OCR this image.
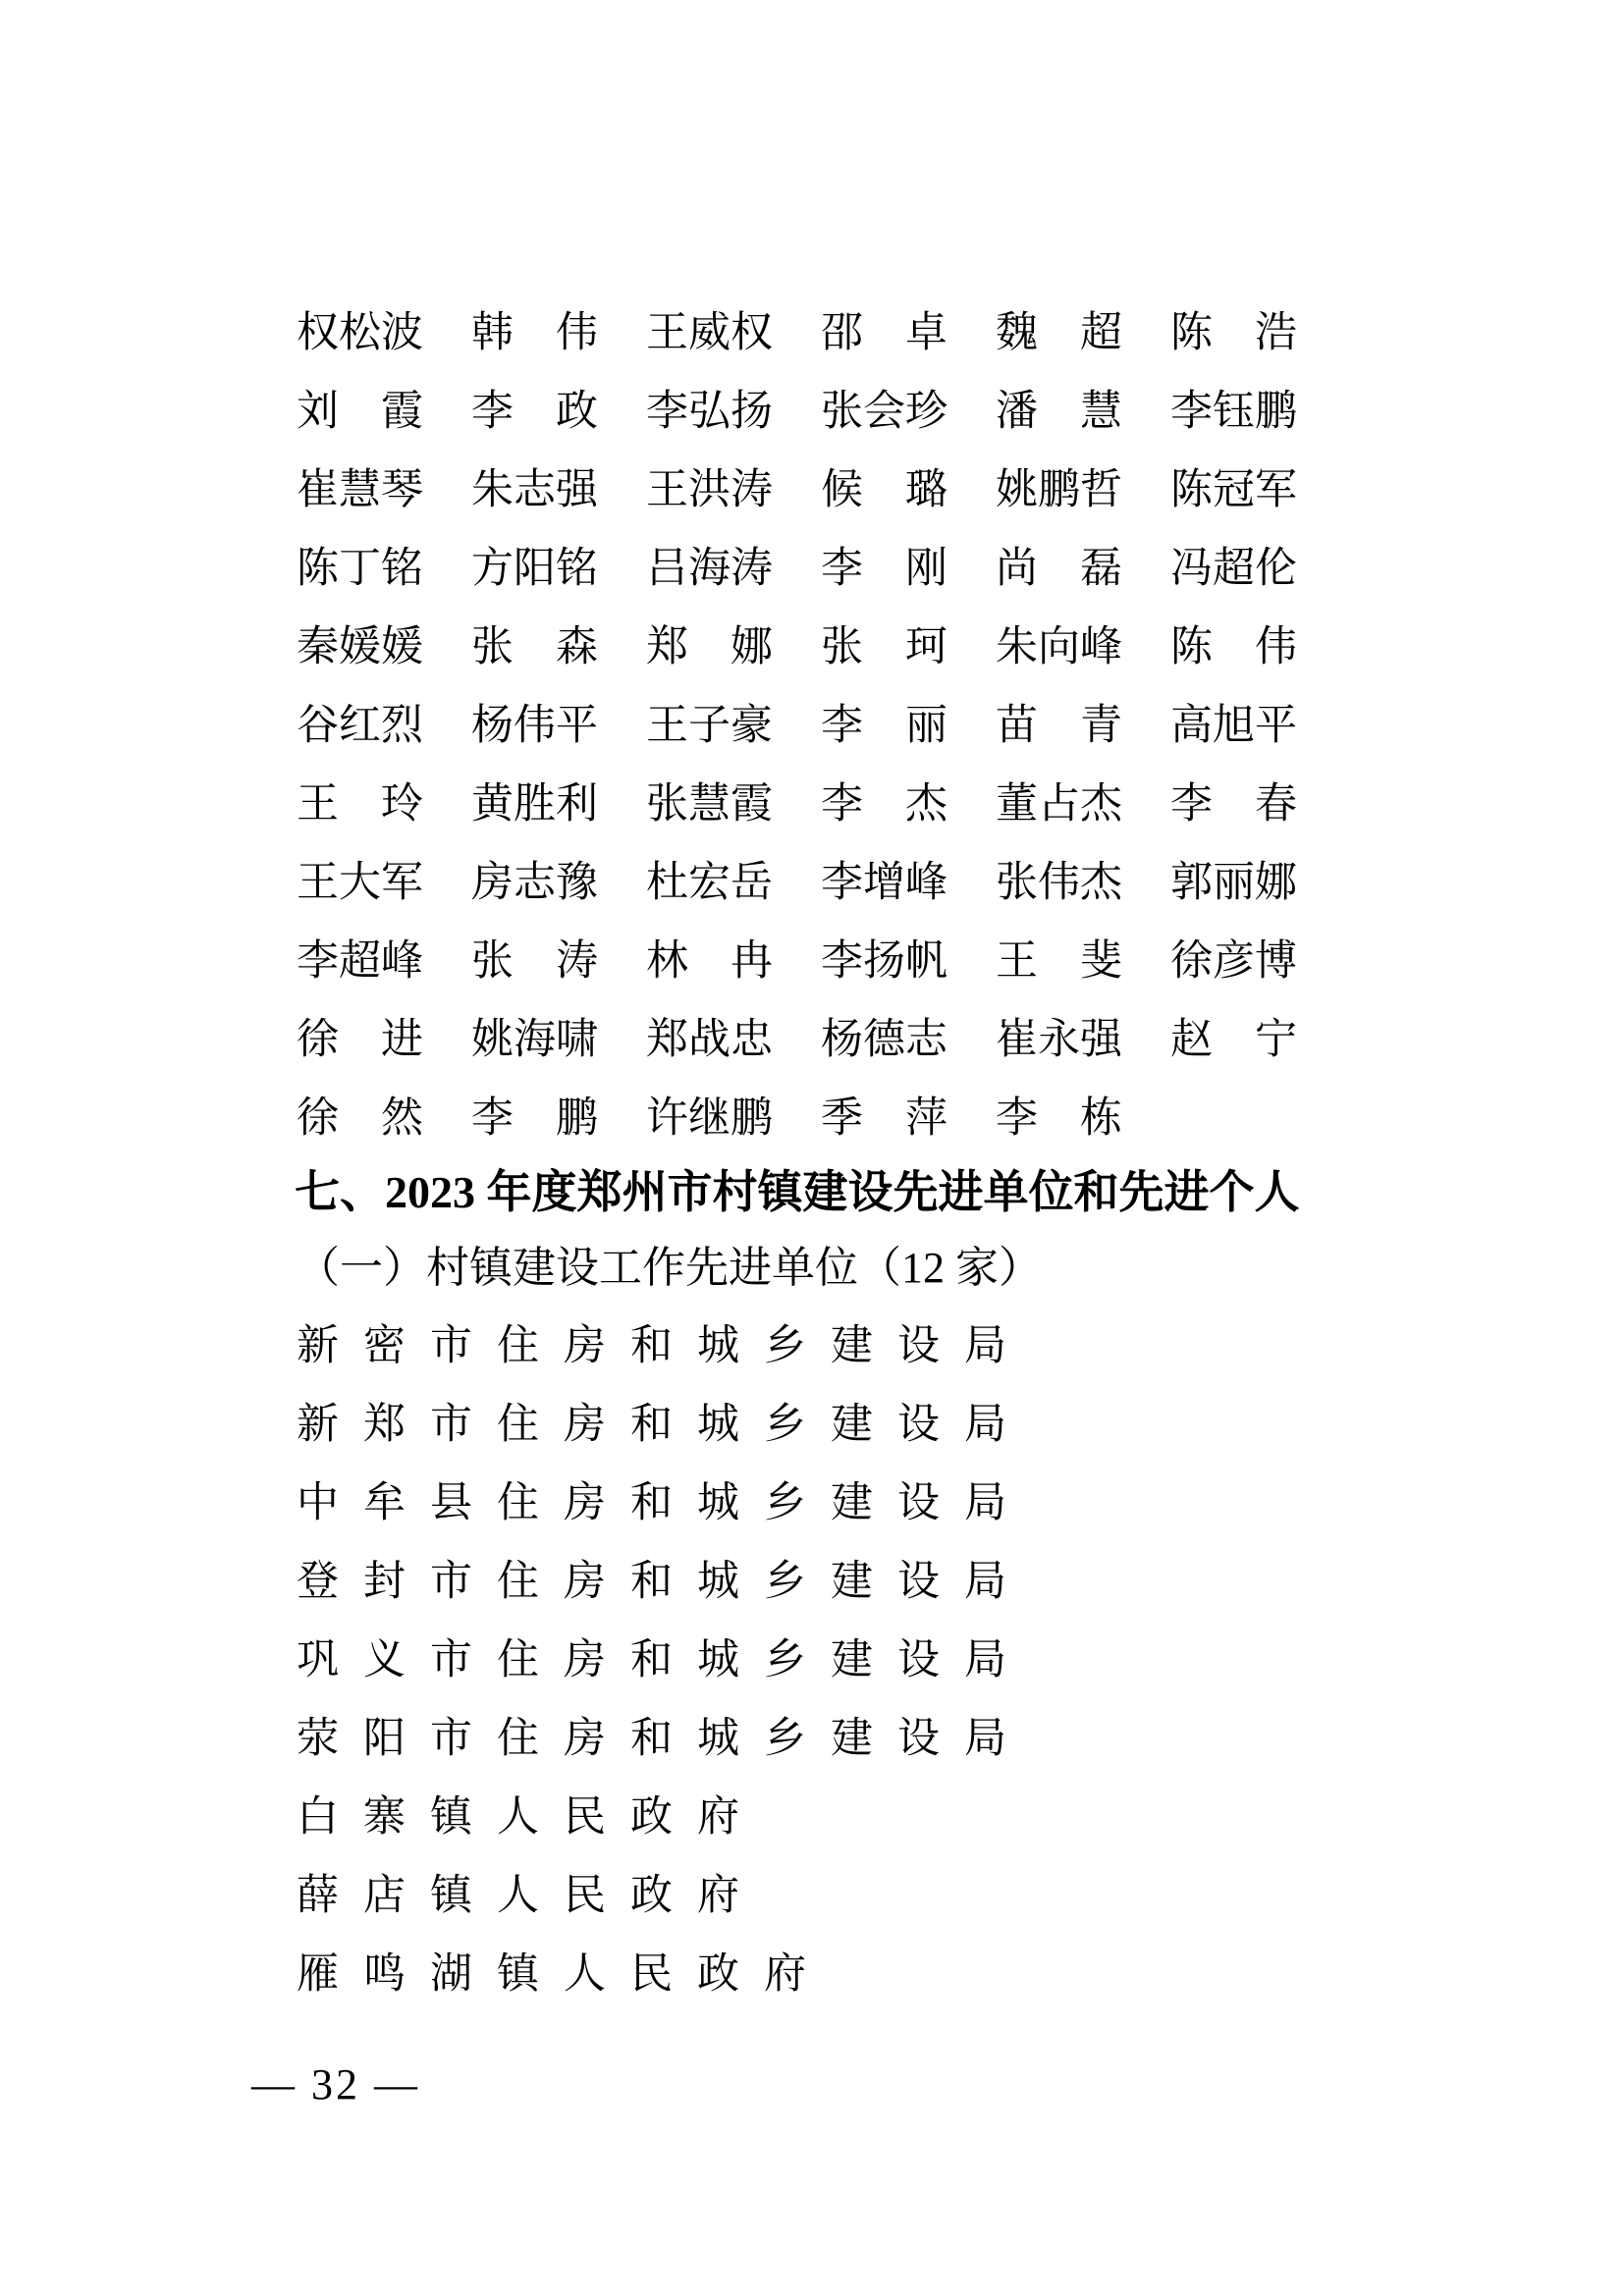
权松波 韩　伟 王威权 邵　卓 魏　超 陈　浩
刘　霞 李　政 李弘扬 张会珍 潘　慧 李钰鹏
崔慧琴 朱志强 王洪涛 候　璐 姚鹏哲 陈冠军
陈丁铭 方阳铭 吕海涛 李　刚 尚　磊 冯超伦
秦媛媛 张　森 郑　娜 张　珂 朱向峰 陈　伟
谷红烈 杨伟平 王子豪 李　丽 苗　青 高旭平
王　玲 黄胜利 张慧霞 李　杰 董占杰 李　春
王大军 房志豫 杜宏岳 李增峰 张伟杰 郭丽娜
李超峰 张　涛 林　冉 李扬帆 王　斐 徐彦博
徐　进 姚海啸 郑战忠 杨德志 崔永强 赵　宁
徐　然 李　鹏 许继鹏 季　萍 李　栋
七、2023 年度郑州市村镇建设先进单位和先进个人
（一）村镇建设工作先进单位（12 家）
新密市住房和城乡建设局
新郑市住房和城乡建设局
中牟县住房和城乡建设局
登封市住房和城乡建设局
巩义市住房和城乡建设局
荥阳市住房和城乡建设局
白寨镇人民政府
薛店镇人民政府
雁鸣湖镇人民政府
— 32 —
